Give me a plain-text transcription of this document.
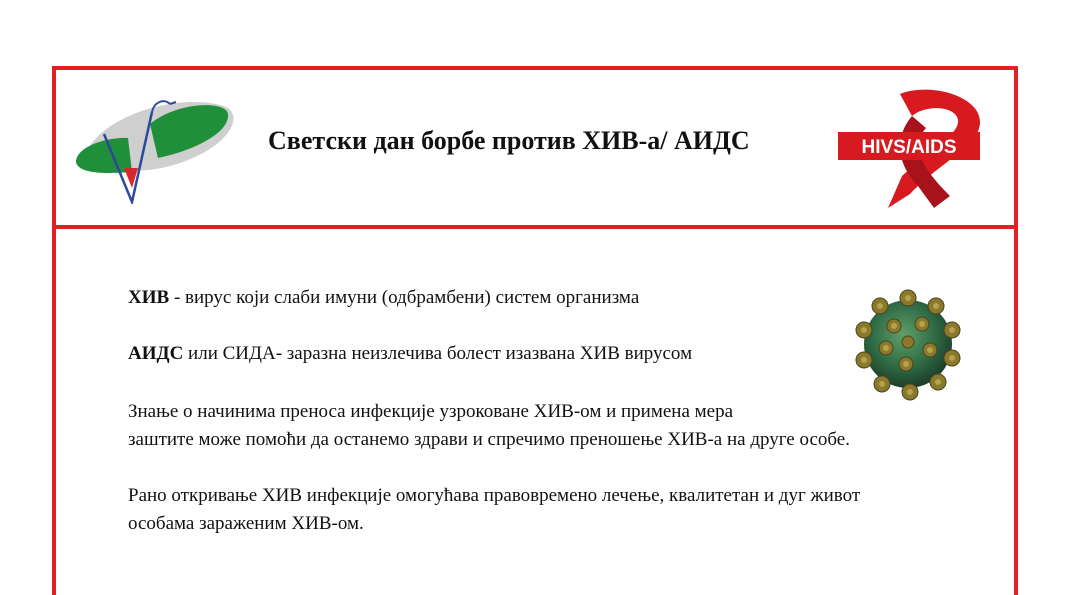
Светски дан борбе против ХИВ-а/ АИДС	HIVS/AIDS
ХИВ - вирус који слаби имуни (одбрамбени) систем организма
АИДС или СИДА- заразна неизлечива болест изазвана ХИВ вирусом
Знање о начинима преноса инфекције узроковане ХИВ-ом и примена мера
заштите може помоћи да останемо здрави и спречимо преношење ХИВ-а на друге особе.
Рано откривање ХИВ инфекције омогућава правовремено лечење, квалитетан и дуг живот
особама зараженим ХИВ-ом.
